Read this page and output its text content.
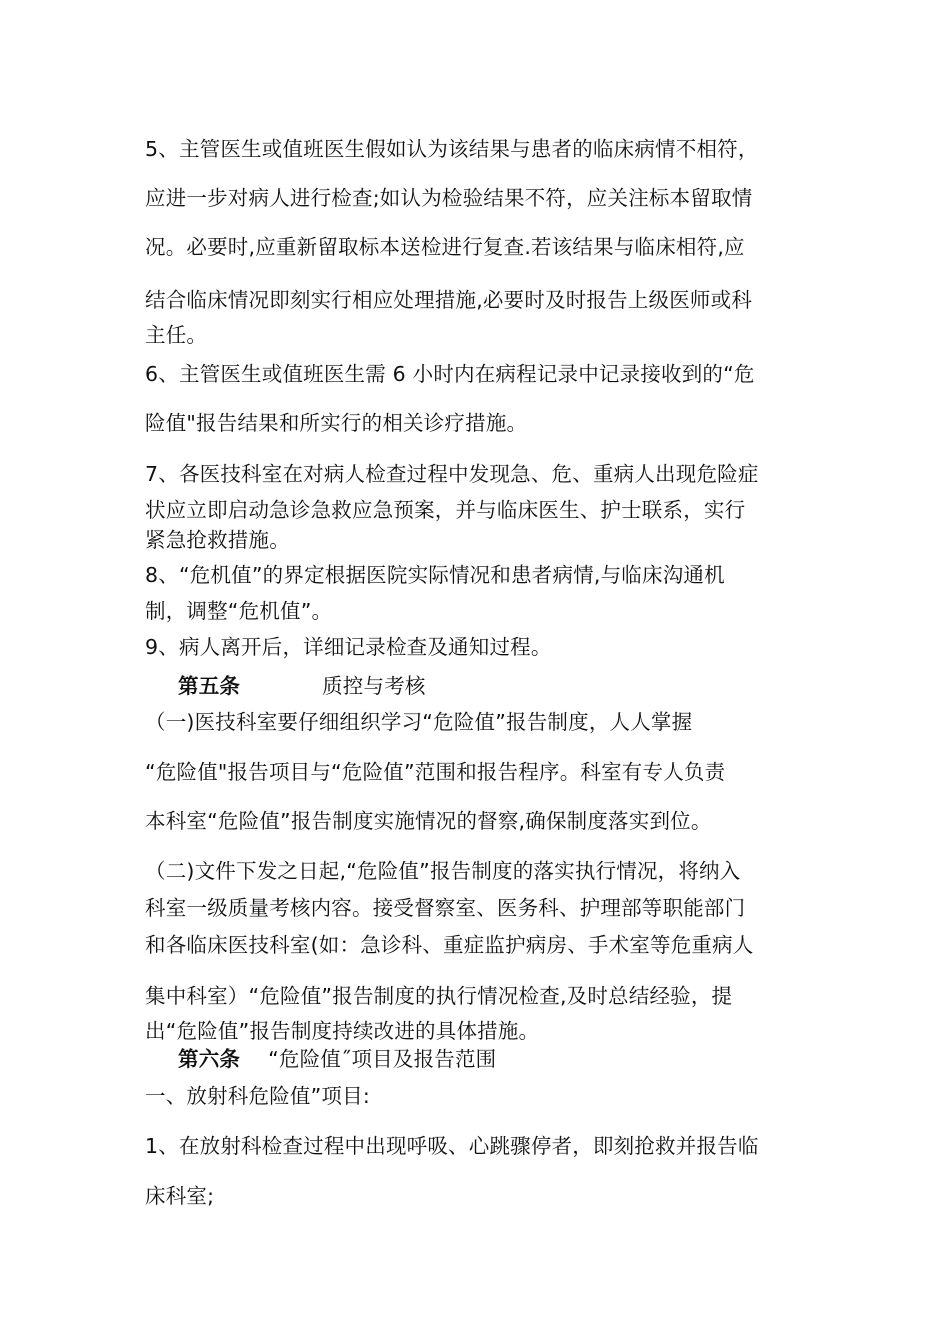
5、主管医生或值班医生假如认为该结果与患者的临床病情不相符，
应进一步对病人进行检查;如认为检验结果不符，应关注标本留取情
况。必要时,应重新留取标本送检进行复查.若该结果与临床相符,应
结合临床情况即刻实行相应处理措施,必要时及时报告上级医师或科
主任。
6、主管医生或值班医生需 6 小时内在病程记录中记录接收到的“危
险值"报告结果和所实行的相关诊疗措施。
7、各医技科室在对病人检查过程中发现急、危、重病人出现危险症
状应立即启动急诊急救应急预案，并与临床医生、护士联系，实行
紧急抢救措施。
8、“危机值”的界定根据医院实际情况和患者病情,与临床沟通机
制，调整“危机值”。
9、病人离开后，详细记录检查及通知过程。
第五条	质控与考核
（一)医技科室要仔细组织学习“危险值”报告制度，人人掌握
“危险值"报告项目与“危险值”范围和报告程序。科室有专人负责
本科室“危险值”报告制度实施情况的督察,确保制度落实到位。
（二)文件下发之日起,“危险值”报告制度的落实执行情况，将纳入
科室一级质量考核内容。接受督察室、医务科、护理部等职能部门
和各临床医技科室(如：急诊科、重症监护病房、手术室等危重病人
集中科室）“危险值”报告制度的执行情况检查,及时总结经验，提
出“危险值”报告制度持续改进的具体措施。
第六条 “危险值˝项目及报告范围
一、放射科危险值”项目:
1、在放射科检查过程中出现呼吸、心跳骤停者，即刻抢救并报告临
床科室;
